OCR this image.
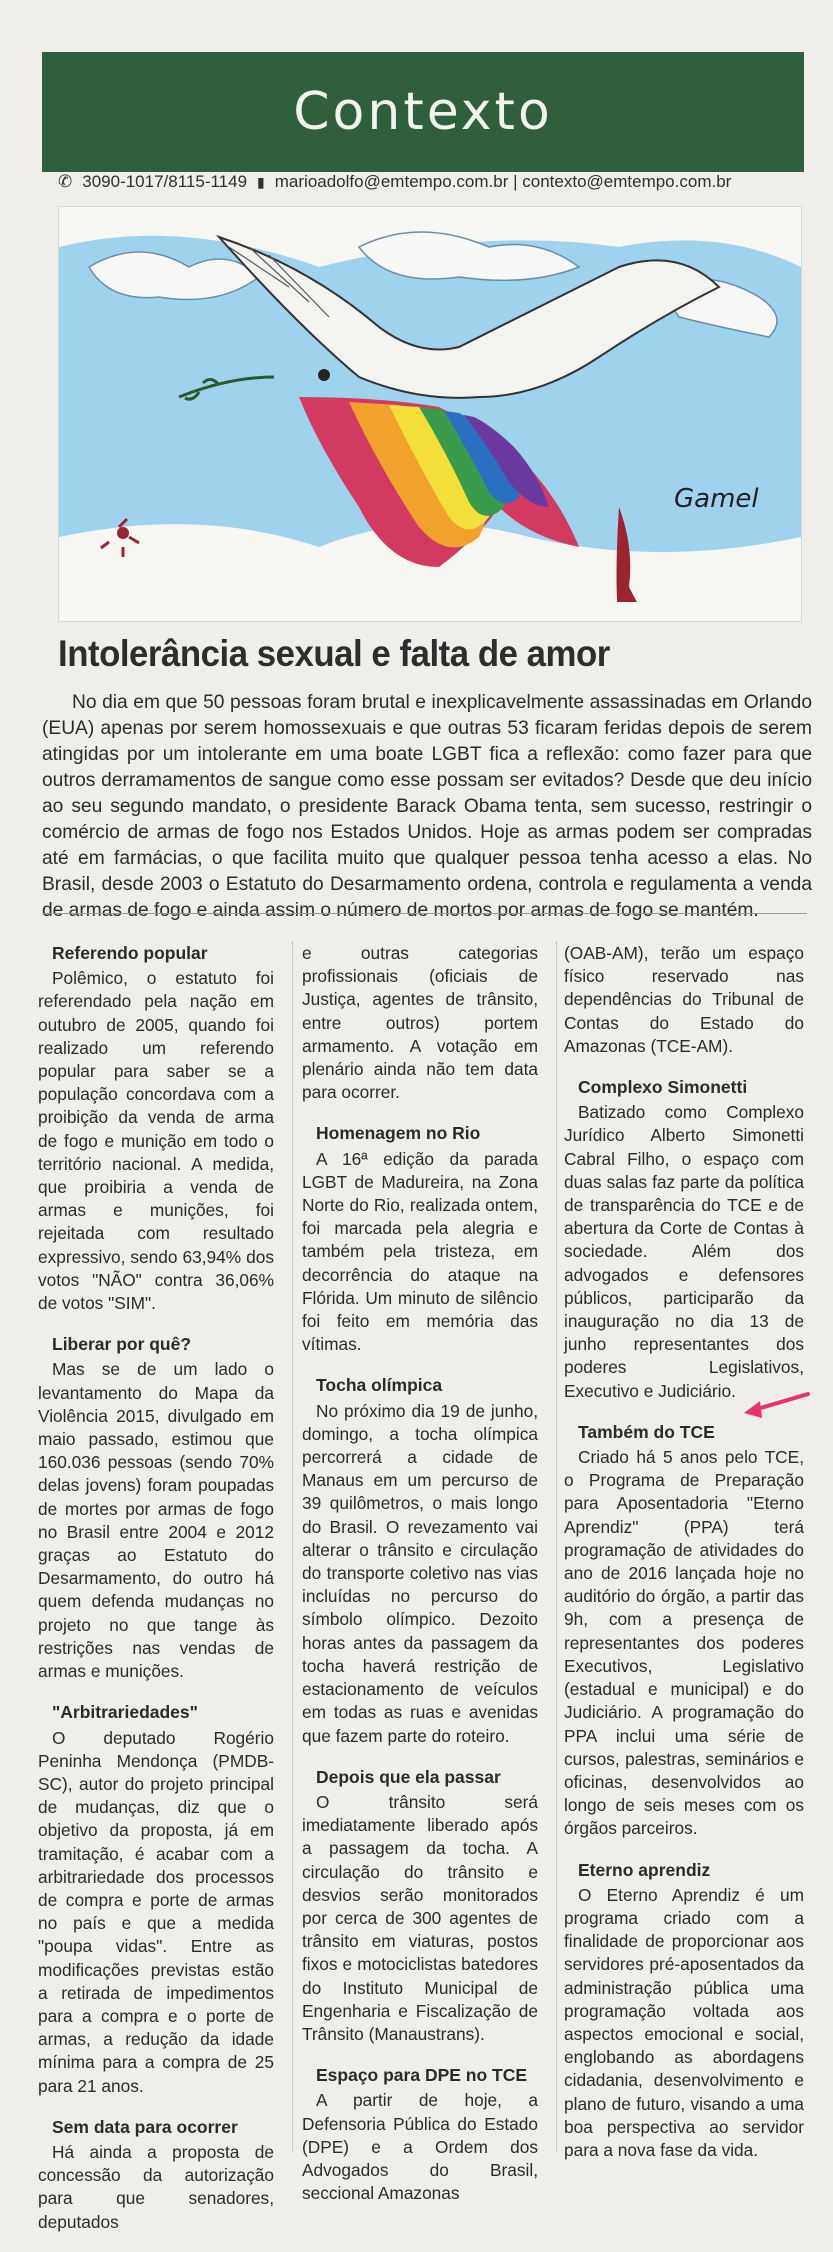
Contexto
✆ 3090-1017/8115-1149 ▮ marioadolfo@emtempo.com.br | contexto@emtempo.com.br
Gamel
Intolerância sexual e falta de amor
No dia em que 50 pessoas foram brutal e inexplicavelmente assassinadas em Orlando (EUA) apenas por serem homossexuais e que outras 53 ficaram feridas depois de serem atingidas por um intolerante em uma boate LGBT fica a reflexão: como fazer para que outros derramamentos de sangue como esse possam ser evitados? Desde que deu início ao seu segundo mandato, o presidente Barack Obama tenta, sem sucesso, restringir o comércio de armas de fogo nos Estados Unidos. Hoje as armas podem ser compradas até em farmácias, o que facilita muito que qualquer pessoa tenha acesso a elas. No Brasil, desde 2003 o Estatuto do Desarmamento ordena, controla e regulamenta a venda de armas de fogo e ainda assim o número de mortos por armas de fogo se mantém.
Referendo popular

Polêmico, o estatuto foi referendado pela nação em outubro de 2005, quando foi realizado um referendo popular para saber se a população concordava com a proibição da venda de arma de fogo e munição em todo o território nacional. A medida, que proibiria a venda de armas e munições, foi rejeitada com resultado expressivo, sendo 63,94% dos votos "NÃO" contra 36,06% de votos "SIM".

Liberar por quê?

Mas se de um lado o levantamento do Mapa da Violência 2015, divulgado em maio passado, estimou que 160.036 pessoas (sendo 70% delas jovens) foram poupadas de mortes por armas de fogo no Brasil entre 2004 e 2012 graças ao Estatuto do Desarmamento, do outro há quem defenda mudanças no projeto no que tange às restrições nas vendas de armas e munições.

"Arbitrariedades"

O deputado Rogério Peninha Mendonça (PMDB-SC), autor do projeto principal de mudanças, diz que o objetivo da proposta, já em tramitação, é acabar com a arbitrariedade dos processos de compra e porte de armas no país e que a medida "poupa vidas". Entre as modificações previstas estão a retirada de impedimentos para a compra e o porte de armas, a redução da idade mínima para a compra de 25 para 21 anos.

Sem data para ocorrer

Há ainda a proposta de concessão da autorização para que senadores, deputados

e outras categorias profissionais (oficiais de Justiça, agentes de trânsito, entre outros) portem armamento. A votação em plenário ainda não tem data para ocorrer.

Homenagem no Rio

A 16ª edição da parada LGBT de Madureira, na Zona Norte do Rio, realizada ontem, foi marcada pela alegria e também pela tristeza, em decorrência do ataque na Flórida. Um minuto de silêncio foi feito em memória das vítimas.

Tocha olímpica

No próximo dia 19 de junho, domingo, a tocha olímpica percorrerá a cidade de Manaus em um percurso de 39 quilômetros, o mais longo do Brasil. O revezamento vai alterar o trânsito e circulação do transporte coletivo nas vias incluídas no percurso do símbolo olímpico. Dezoito horas antes da passagem da tocha haverá restrição de estacionamento de veículos em todas as ruas e avenidas que fazem parte do roteiro.

Depois que ela passar

O trânsito será imediatamente liberado após a passagem da tocha. A circulação do trânsito e desvios serão monitorados por cerca de 300 agentes de trânsito em viaturas, postos fixos e motociclistas batedores do Instituto Municipal de Engenharia e Fiscalização de Trânsito (Manaustrans).

Espaço para DPE no TCE

A partir de hoje, a Defensoria Pública do Estado (DPE) e a Ordem dos Advogados do Brasil, seccional Amazonas

(OAB-AM), terão um espaço físico reservado nas dependências do Tribunal de Contas do Estado do Amazonas (TCE-AM).

Complexo Simonetti

Batizado como Complexo Jurídico Alberto Simonetti Cabral Filho, o espaço com duas salas faz parte da política de transparência do TCE e de abertura da Corte de Contas à sociedade. Além dos advogados e defensores públicos, participarão da inauguração no dia 13 de junho representantes dos poderes Legislativos, Executivo e Judiciário.

Também do TCE

Criado há 5 anos pelo TCE, o Programa de Preparação para Aposentadoria "Eterno Aprendiz" (PPA) terá programação de atividades do ano de 2016 lançada hoje no auditório do órgão, a partir das 9h, com a presença de representantes dos poderes Executivos, Legislativo (estadual e municipal) e do Judiciário. A programação do PPA inclui uma série de cursos, palestras, seminários e oficinas, desenvolvidos ao longo de seis meses com os órgãos parceiros.

Eterno aprendiz

O Eterno Aprendiz é um programa criado com a finalidade de proporcionar aos servidores pré-aposentados da administração pública uma programação voltada aos aspectos emocional e social, englobando as abordagens cidadania, desenvolvimento e plano de futuro, visando a uma boa perspectiva ao servidor para a nova fase da vida.
